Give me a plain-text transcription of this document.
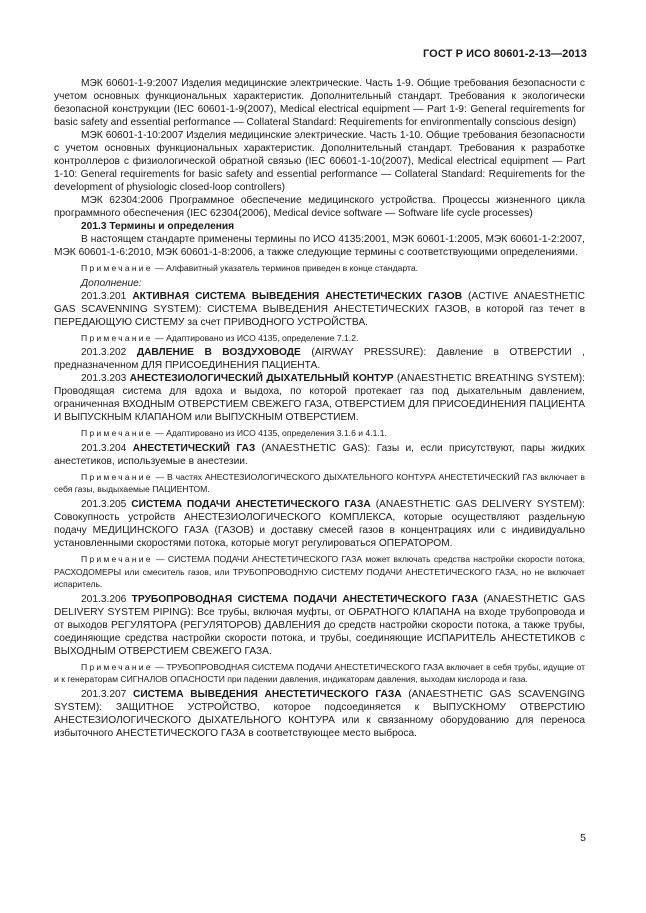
ГОСТ Р ИСО 80601-2-13—2013

МЭК 60601-1-9:2007 Изделия медицинские электрические. Часть 1-9. Общие требования безопасности с учетом основных функциональных характеристик. Дополнительный стандарт. Требования к экологически безопасной конструкции (IEC 60601-1-9(2007), Medical electrical equipment — Part 1-9: General requirements for basic safety and essential performance — Collateral Standard: Requirements for environmentally conscious design)

МЭК 60601-1-10:2007 Изделия медицинские электрические. Часть 1-10. Общие требования безопасности с учетом основных функциональных характеристик. Дополнительный стандарт. Требования к разработке контроллеров с физиологической обратной связью (IEC 60601-1-10(2007), Medical electrical equipment — Part 1-10: General requirements for basic safety and essential performance — Collateral Standard: Requirements for the development of physiologic closed-loop controllers)

МЭК 62304:2006 Программное обеспечение медицинского устройства. Процессы жизненного цикла программного обеспечения (IEC 62304(2006), Medical device software — Software life cycle processes)

201.3 Термины и определения

В настоящем стандарте применены термины по ИСО 4135:2001, МЭК 60601-1:2005, МЭК 60601-1-2:2007, МЭК 60601-1-6:2010, МЭК 60601-1-8:2006, а также следующие термины с соответствующими определениями.

Примечание — Алфавитный указатель терминов приведен в конце стандарта.

Дополнение:

201.3.201 АКТИВНАЯ СИСТЕМА ВЫВЕДЕНИЯ АНЕСТЕТИЧЕСКИХ ГАЗОВ (ACTIVE ANAESTHETIC GAS SCAVENNING SYSTEM): СИСТЕМА ВЫВЕДЕНИЯ АНЕСТЕТИЧЕСКИХ ГАЗОВ, в которой газ течет в ПЕРЕДАЮЩУЮ СИСТЕМУ за счет ПРИВОДНОГО УСТРОЙСТВА.

Примечание — Адаптировано из ИСО 4135, определение 7.1.2.

201.3.202 ДАВЛЕНИЕ В ВОЗДУХОВОДЕ (AIRWAY PRESSURE): Давление в ОТВЕРСТИИ , предназначенном ДЛЯ ПРИСОЕДИНЕНИЯ ПАЦИЕНТА.

201.3.203 АНЕСТЕЗИОЛОГИЧЕСКИЙ ДЫХАТЕЛЬНЫЙ КОНТУР (ANAESTHETIC BREATHING SYSTEM): Проводящая система для вдоха и выдоха, по которой протекает газ под дыхательным давлением, ограниченная ВХОДНЫМ ОТВЕРСТИЕМ СВЕЖЕГО ГАЗА, ОТВЕРСТИЕМ ДЛЯ ПРИСОЕДИНЕНИЯ ПАЦИЕНТА И ВЫПУСКНЫМ КЛАПАНОМ или ВЫПУСКНЫМ ОТВЕРСТИЕМ.

Примечание — Адаптировано из ИСО 4135, определения 3.1.6 и 4.1.1.

201.3.204 АНЕСТЕТИЧЕСКИЙ ГАЗ (ANAESTHETIC GAS): Газы и, если присутствуют, пары жидких анестетиков, используемые в анестезии.

Примечание — В частях АНЕСТЕЗИОЛОГИЧЕСКОГО ДЫХАТЕЛЬНОГО КОНТУРА АНЕСТЕТИЧЕСКИЙ ГАЗ включает в себя газы, выдыхаемые ПАЦИЕНТОМ.

201.3.205 СИСТЕМА ПОДАЧИ АНЕСТЕТИЧЕСКОГО ГАЗА (ANAESTHETIC GAS DELIVERY SYSTEM): Совокупность устройств АНЕСТЕЗИОЛОГИЧЕСКОГО КОМПЛЕКСА, которые осуществляют раздельную подачу МЕДИЦИНСКОГО ГАЗА (ГАЗОВ) и доставку смесей газов в концентрациях или с индивидуально установленными скоростями потока, которые могут регулироваться ОПЕРАТОРОМ.

Примечание — СИСТЕМА ПОДАЧИ АНЕСТЕТИЧЕСКОГО ГАЗА может включать средства настройки скорости потока, РАСХОДОМЕРЫ или смеситель газов, или ТРУБОПРОВОДНУЮ СИСТЕМУ ПОДАЧИ АНЕСТЕТИЧЕСКОГО ГАЗА, но не включает испаритель.

201.3.206 ТРУБОПРОВОДНАЯ СИСТЕМА ПОДАЧИ АНЕСТЕТИЧЕСКОГО ГАЗА (ANAESTHETIC GAS DELIVERY SYSTEM PIPING): Все трубы, включая муфты, от ОБРАТНОГО КЛАПАНА на входе трубопровода и от выходов РЕГУЛЯТОРА (РЕГУЛЯТОРОВ) ДАВЛЕНИЯ до средств настройки скорости потока, а также трубы, соединяющие средства настройки скорости потока, и трубы, соединяющие ИСПАРИТЕЛЬ АНЕСТЕТИКОВ с ВЫХОДНЫМ ОТВЕРСТИЕМ СВЕЖЕГО ГАЗА.

Примечание — ТРУБОПРОВОДНАЯ СИСТЕМА ПОДАЧИ АНЕСТЕТИЧЕСКОГО ГАЗА включает в себя трубы, идущие от и к генераторам СИГНАЛОВ ОПАСНОСТИ при падении давления, индикаторам давления, выходам кислорода и газа.

201.3.207 СИСТЕМА ВЫВЕДЕНИЯ АНЕСТЕТИЧЕСКОГО ГАЗА (ANAESTHETIC GAS SCAVENGING SYSTEM): ЗАЩИТНОЕ УСТРОЙСТВО, которое подсоединяется к ВЫПУСКНОМУ ОТВЕРСТИЮ АНЕСТЕЗИОЛОГИЧЕСКОГО ДЫХАТЕЛЬНОГО КОНТУРА или к связанному оборудованию для переноса избыточного АНЕСТЕТИЧЕСКОГО ГАЗА в соответствующее место выброса.

5
